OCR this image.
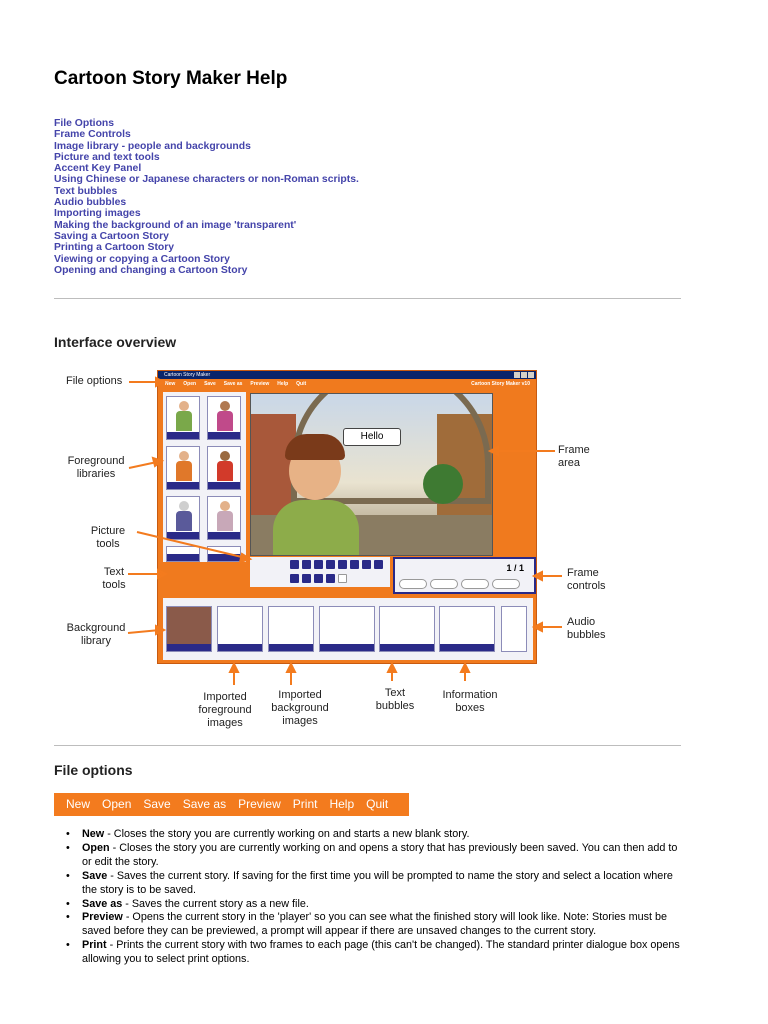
Cartoon Story Maker Help
File Options
Frame Controls
Image library - people and backgrounds
Picture and text tools
Accent Key Panel
Using Chinese or Japanese characters or non-Roman scripts.
Text bubbles
Audio bubbles
Importing images
Making the background of an image 'transparent'
Saving a Cartoon Story
Printing a Cartoon Story
Viewing or copying a Cartoon Story
Opening and changing a Cartoon Story
Interface overview
Cartoon Story Maker
New Open Save Save as Preview Help Quit	Cartoon Story Maker v10
Hello
1 / 1
File options
Foreground
libraries
Picture
tools
Text
tools
Background
library
Frame
area
Frame
controls
Audio
bubbles
Imported
foreground
images
Imported
background
images
Text
bubbles
Information
boxes
File options
New	Open	Save	Save as	Preview	Print	Help	Quit
• New - Closes the story you are currently working on and starts a new blank story.
• Open - Closes the story you are currently working on and opens a story that has previously been saved. You can then add to or edit the story.
• Save - Saves the current story. If saving for the first time you will be prompted to name the story and select a location where the story is to be saved.
• Save as - Saves the current story as a new file.
• Preview - Opens the current story in the 'player' so you can see what the finished story will look like. Note: Stories must be saved before they can be previewed, a prompt will appear if there are unsaved changes to the current story.
• Print - Prints the current story with two frames to each page (this can't be changed). The standard printer dialogue box opens allowing you to select print options.
